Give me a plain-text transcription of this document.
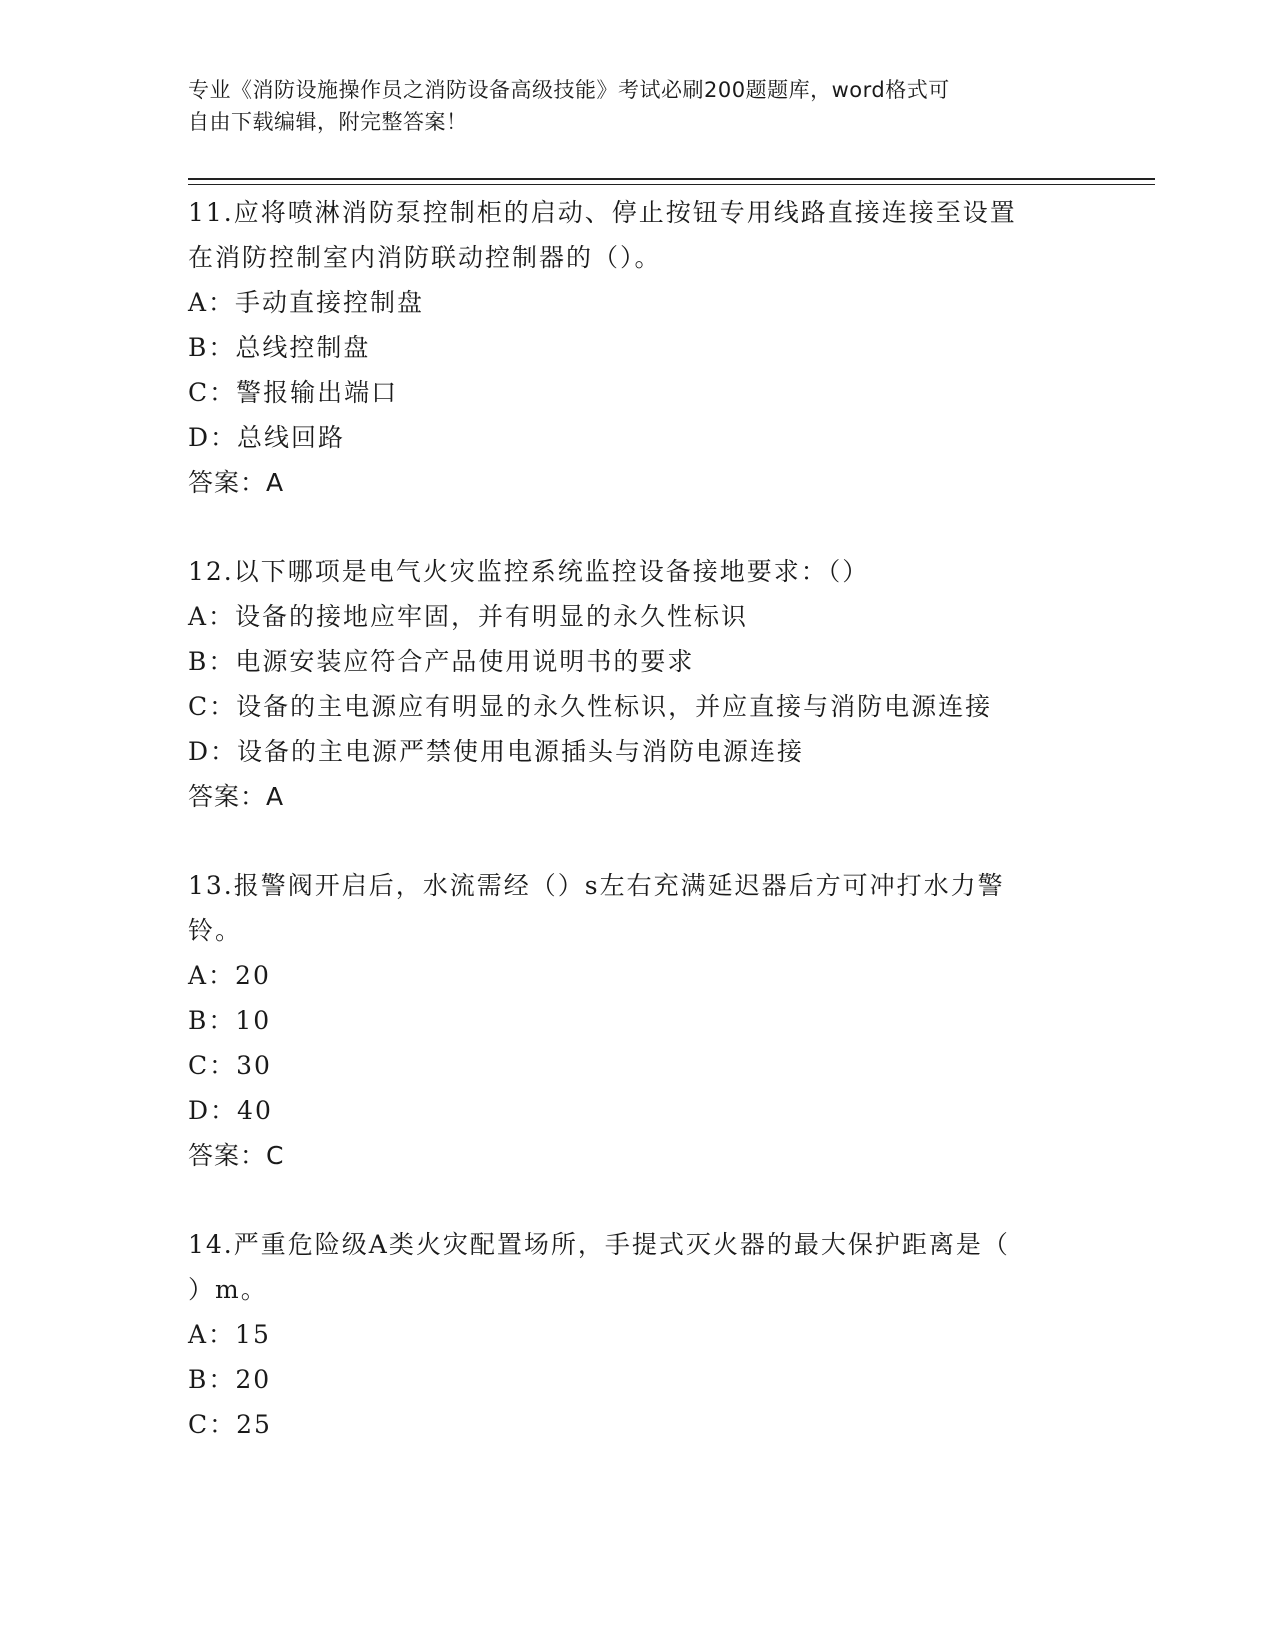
专业《消防设施操作员之消防设备高级技能》考试必刷200题题库，word格式可
自由下载编辑，附完整答案！

11.应将喷淋消防泵控制柜的启动、停止按钮专用线路直接连接至设置
在消防控制室内消防联动控制器的（）。

A：手动直接控制盘

B：总线控制盘

C：警报输出端口

D：总线回路

答案：A

12.以下哪项是电气火灾监控系统监控设备接地要求：（）

A：设备的接地应牢固，并有明显的永久性标识

B：电源安装应符合产品使用说明书的要求

C：设备的主电源应有明显的永久性标识，并应直接与消防电源连接

D：设备的主电源严禁使用电源插头与消防电源连接

答案：A

13.报警阀开启后，水流需经（）s左右充满延迟器后方可冲打水力警
铃。

A：20

B：10

C：30

D：40

答案：C

14.严重危险级A类火灾配置场所，手提式灭火器的最大保护距离是（
）m。

A：15

B：20

C：25
